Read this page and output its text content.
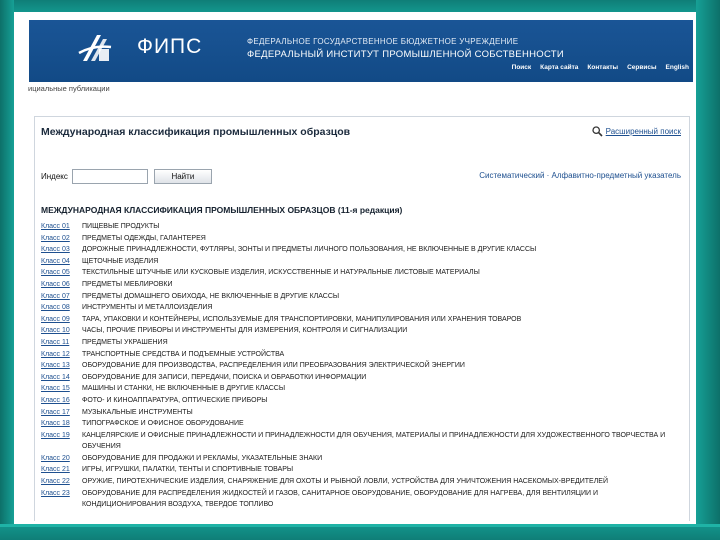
ФИПС	ФЕДЕРАЛЬНОЕ ГОСУДАРСТВЕННОЕ БЮДЖЕТНОЕ УЧРЕЖДЕНИЕ
ФЕДЕРАЛЬНЫЙ ИНСТИТУТ ПРОМЫШЛЕННОЙ СОБСТВЕННОСТИ
Поиск Карта сайта Контакты Сервисы English
ициальные публикации
Международная классификация промышленных образцов	Расширенный поиск
Индекс	Найти	Систематический · Алфавитно-предметный указатель
МЕЖДУНАРОДНАЯ КЛАССИФИКАЦИЯ ПРОМЫШЛЕННЫХ ОБРАЗЦОВ (11-я редакция)
Класс 01	ПИЩЕВЫЕ ПРОДУКТЫ
Класс 02	ПРЕДМЕТЫ ОДЕЖДЫ, ГАЛАНТЕРЕЯ
Класс 03	ДОРОЖНЫЕ ПРИНАДЛЕЖНОСТИ, ФУТЛЯРЫ, ЗОНТЫ И ПРЕДМЕТЫ ЛИЧНОГО ПОЛЬЗОВАНИЯ, НЕ ВКЛЮЧЕННЫЕ В ДРУГИЕ КЛАССЫ
Класс 04	ЩЕТОЧНЫЕ ИЗДЕЛИЯ
Класс 05	ТЕКСТИЛЬНЫЕ ШТУЧНЫЕ ИЛИ КУСКОВЫЕ ИЗДЕЛИЯ, ИСКУССТВЕННЫЕ И НАТУРАЛЬНЫЕ ЛИСТОВЫЕ МАТЕРИАЛЫ
Класс 06	ПРЕДМЕТЫ МЕБЛИРОВКИ
Класс 07	ПРЕДМЕТЫ ДОМАШНЕГО ОБИХОДА, НЕ ВКЛЮЧЕННЫЕ В ДРУГИЕ КЛАССЫ
Класс 08	ИНСТРУМЕНТЫ И МЕТАЛЛОИЗДЕЛИЯ
Класс 09	ТАРА, УПАКОВКИ И КОНТЕЙНЕРЫ, ИСПОЛЬЗУЕМЫЕ ДЛЯ ТРАНСПОРТИРОВКИ, МАНИПУЛИРОВАНИЯ ИЛИ ХРАНЕНИЯ ТОВАРОВ
Класс 10	ЧАСЫ, ПРОЧИЕ ПРИБОРЫ И ИНСТРУМЕНТЫ ДЛЯ ИЗМЕРЕНИЯ, КОНТРОЛЯ И СИГНАЛИЗАЦИИ
Класс 11	ПРЕДМЕТЫ УКРАШЕНИЯ
Класс 12	ТРАНСПОРТНЫЕ СРЕДСТВА И ПОДЪЕМНЫЕ УСТРОЙСТВА
Класс 13	ОБОРУДОВАНИЕ ДЛЯ ПРОИЗВОДСТВА, РАСПРЕДЕЛЕНИЯ ИЛИ ПРЕОБРАЗОВАНИЯ ЭЛЕКТРИЧЕСКОЙ ЭНЕРГИИ
Класс 14	ОБОРУДОВАНИЕ ДЛЯ ЗАПИСИ, ПЕРЕДАЧИ, ПОИСКА И ОБРАБОТКИ ИНФОРМАЦИИ
Класс 15	МАШИНЫ И СТАНКИ, НЕ ВКЛЮЧЕННЫЕ В ДРУГИЕ КЛАССЫ
Класс 16	ФОТО- И КИНОАППАРАТУРА, ОПТИЧЕСКИЕ ПРИБОРЫ
Класс 17	МУЗЫКАЛЬНЫЕ ИНСТРУМЕНТЫ
Класс 18	ТИПОГРАФСКОЕ И ОФИСНОЕ ОБОРУДОВАНИЕ
Класс 19	КАНЦЕЛЯРСКИЕ И ОФИСНЫЕ ПРИНАДЛЕЖНОСТИ И ПРИНАДЛЕЖНОСТИ ДЛЯ ОБУЧЕНИЯ, МАТЕРИАЛЫ И ПРИНАДЛЕЖНОСТИ ДЛЯ ХУДОЖЕСТВЕННОГО ТВОРЧЕСТВА И ОБУЧЕНИЯ
Класс 20	ОБОРУДОВАНИЕ ДЛЯ ПРОДАЖИ И РЕКЛАМЫ, УКАЗАТЕЛЬНЫЕ ЗНАКИ
Класс 21	ИГРЫ, ИГРУШКИ, ПАЛАТКИ, ТЕНТЫ И СПОРТИВНЫЕ ТОВАРЫ
Класс 22	ОРУЖИЕ, ПИРОТЕХНИЧЕСКИЕ ИЗДЕЛИЯ, СНАРЯЖЕНИЕ ДЛЯ ОХОТЫ И РЫБНОЙ ЛОВЛИ, УСТРОЙСТВА ДЛЯ УНИЧТОЖЕНИЯ НАСЕКОМЫХ-ВРЕДИТЕЛЕЙ
Класс 23	ОБОРУДОВАНИЕ ДЛЯ РАСПРЕДЕЛЕНИЯ ЖИДКОСТЕЙ И ГАЗОВ, САНИТАРНОЕ ОБОРУДОВАНИЕ, ОБОРУДОВАНИЕ ДЛЯ НАГРЕВА, ДЛЯ ВЕНТИЛЯЦИИ И КОНДИЦИОНИРОВАНИЯ ВОЗДУХА, ТВЕРДОЕ ТОПЛИВО
